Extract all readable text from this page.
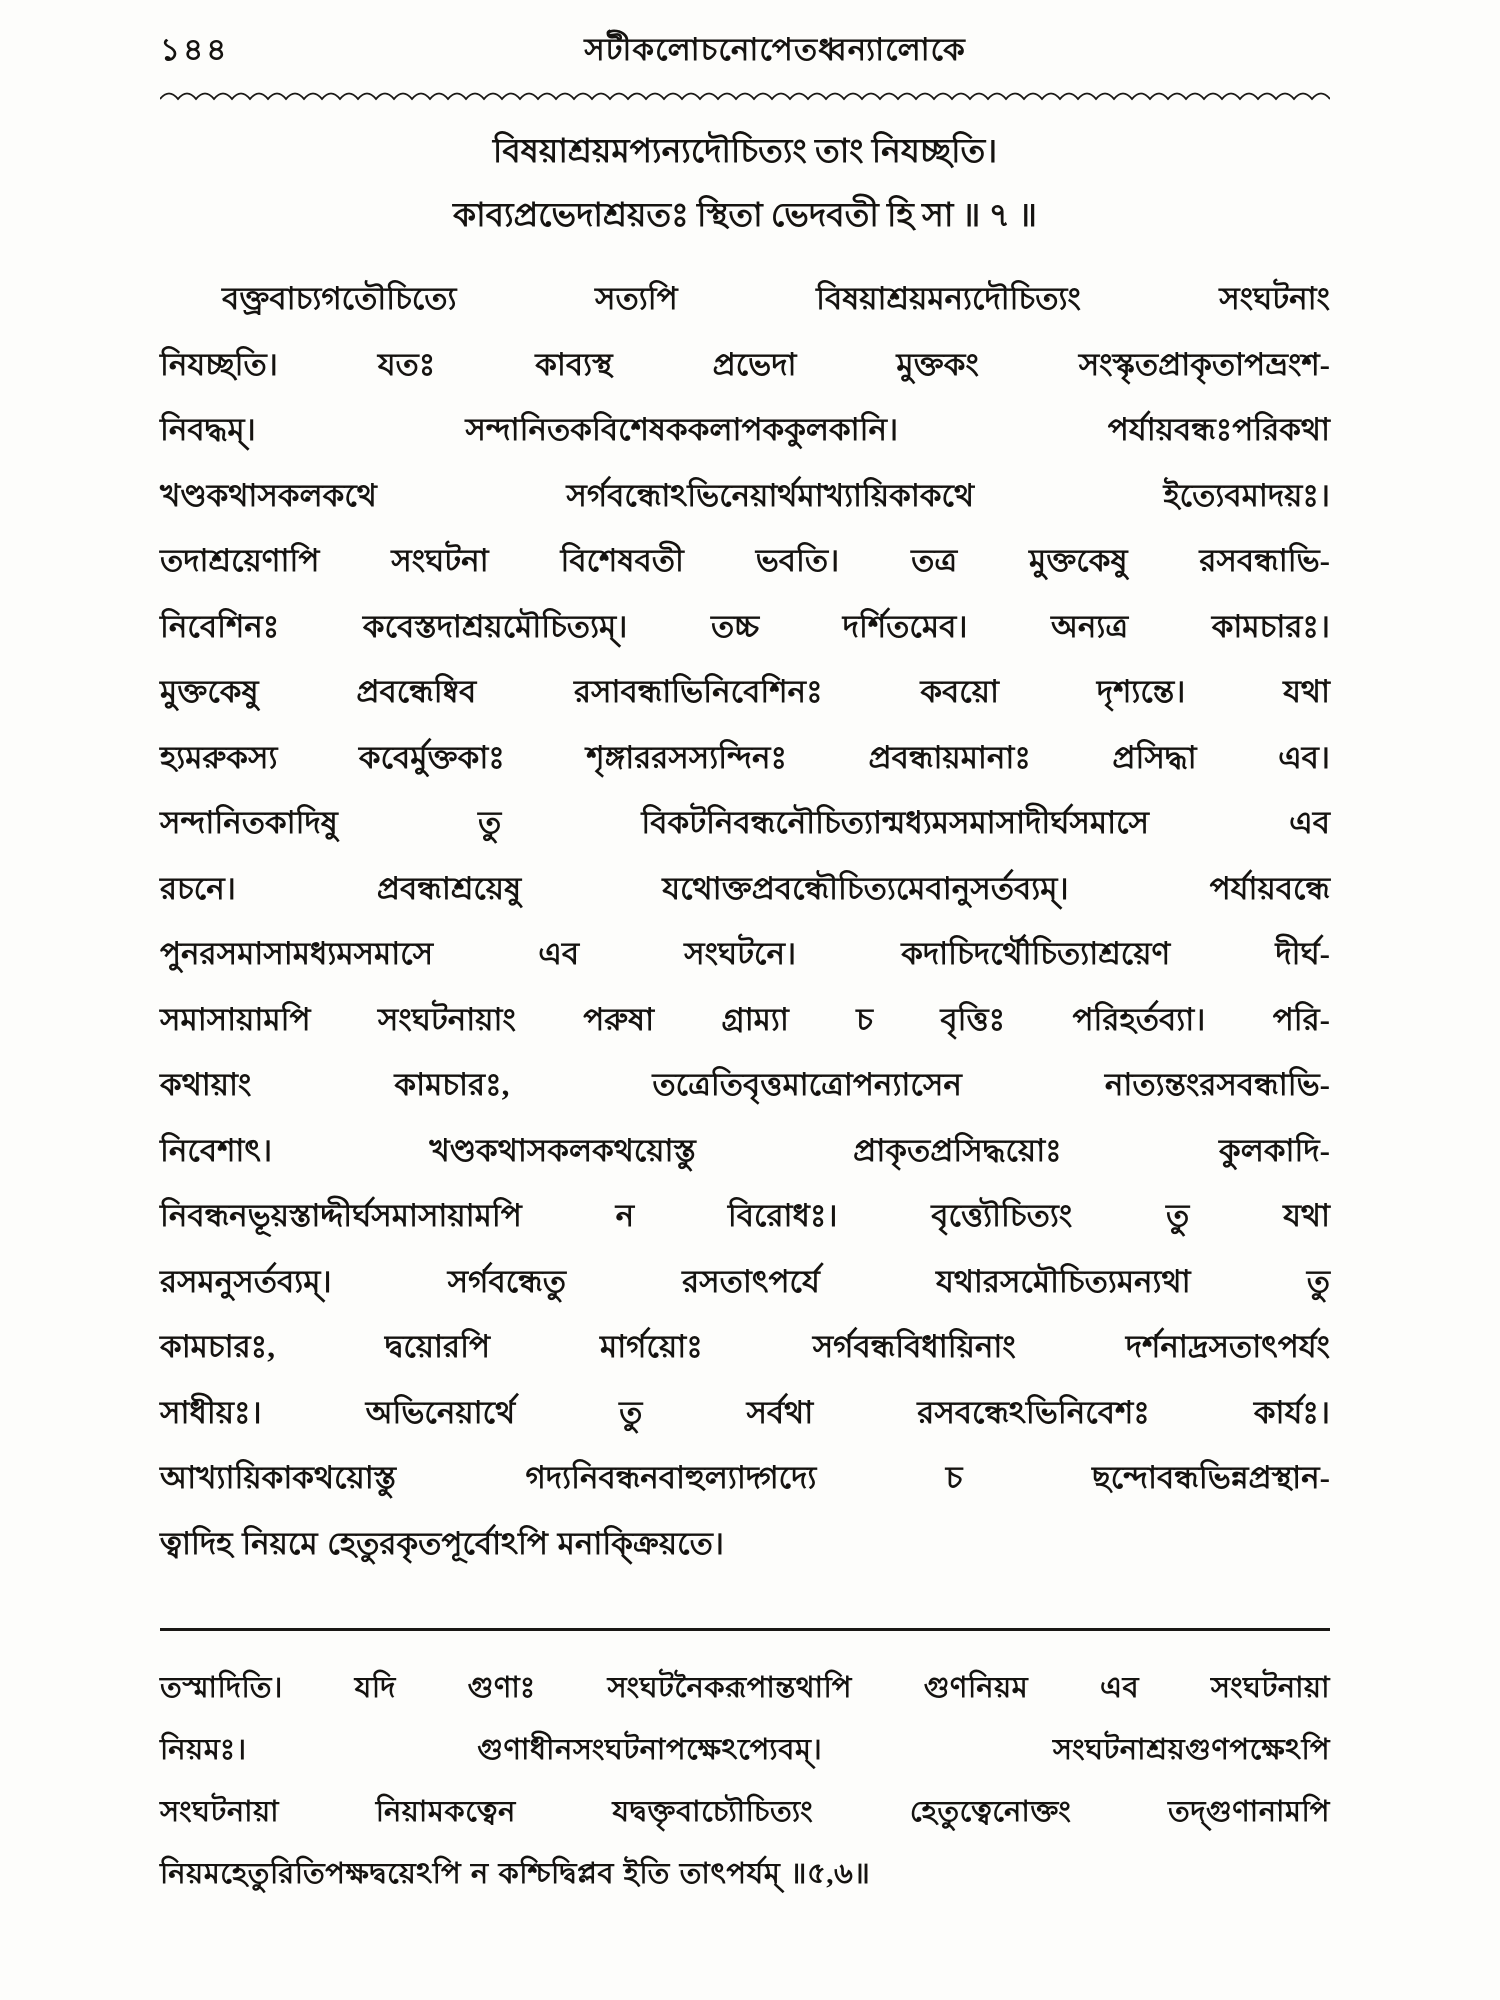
১৪৪	সটীকলোচনোপেতধ্বন্যালোকে
বিষয়াশ্রয়মপ্যন্যদৌচিত্যং তাং নিযচ্ছতি।
কাব্যপ্রভেদাশ্রয়তঃ স্থিতা ভেদবতী হি সা ॥ ৭ ॥
বক্ত্রবাচ্যগতৌচিত্যে সত্যপি বিষয়াশ্রয়মন্যদৌচিত্যং সংঘটনাং
নিযচ্ছতি। যতঃ কাব্যস্থ প্রভেদা মুক্তকং সংস্কৃতপ্রাকৃতাপভ্রংশ-
নিবদ্ধম্। সন্দানিতকবিশেষককলাপককুলকানি। পর্যায়বন্ধঃপরিকথা
খণ্ডকথাসকলকথে সর্গবন্ধোঽভিনেয়ার্থমাখ্যায়িকাকথে ইত্যেবমাদয়ঃ।
তদাশ্রয়েণাপি সংঘটনা বিশেষবতী ভবতি। তত্র মুক্তকেষু রসবন্ধাভি-
নিবেশিনঃ কবেস্তদাশ্রয়মৌচিত্যম্। তচ্চ দর্শিতমেব। অন্যত্র কামচারঃ।
মুক্তকেষু প্রবন্ধেষ্বিব রসাবন্ধাভিনিবেশিনঃ কবয়ো দৃশ্যন্তে। যথা
হ্যমরুকস্য কবের্মুক্তকাঃ শৃঙ্গাররসস্যন্দিনঃ প্রবন্ধায়মানাঃ প্রসিদ্ধা এব।
সন্দানিতকাদিষু তু বিকটনিবন্ধনৌচিত্যান্মধ্যমসমাসাদীর্ঘসমাসে এব
রচনে। প্রবন্ধাশ্রয়েষু যথোক্তপ্রবন্ধৌচিত্যমেবানুসর্তব্যম্। পর্যায়বন্ধে
পুনরসমাসামধ্যমসমাসে এব সংঘটনে। কদাচিদর্থৌচিত্যাশ্রয়েণ দীর্ঘ-
সমাসায়ামপি সংঘটনায়াং পরুষা গ্রাম্যা চ বৃত্তিঃ পরিহর্তব্যা। পরি-
কথায়াং কামচারঃ, তত্রেতিবৃত্তমাত্রোপন্যাসেন নাত্যন্তংরসবন্ধাভি-
নিবেশাৎ। খণ্ডকথাসকলকথয়োস্তু প্রাকৃতপ্রসিদ্ধয়োঃ কুলকাদি-
নিবন্ধনভূয়স্তাদ্দীর্ঘসমাসায়ামপি ন বিরোধঃ। বৃত্ত্যৌচিত্যং তু যথা
রসমনুসর্তব্যম্। সর্গবন্ধেতু রসতাৎপর্যে যথারসমৌচিত্যমন্যথা তু
কামচারঃ, দ্বয়োরপি মার্গয়োঃ সর্গবন্ধবিধায়িনাং দর্শনাদ্রসতাৎপর্যং
সাধীয়ঃ। অভিনেয়ার্থে তু সর্বথা রসবন্ধেঽভিনিবেশঃ কার্যঃ।
আখ্যায়িকাকথয়োস্তু গদ্যনিবন্ধনবাহুল্যাদ্গদ্যে চ ছন্দোবন্ধভিন্নপ্রস্থান-
ত্বাদিহ নিয়মে হেতুরকৃতপূর্বোঽপি মনাক্ক্রিয়তে।
তস্মাদিতি। যদি গুণাঃ সংঘটনৈকরূপান্তথাপি গুণনিয়ম এব সংঘটনায়া
নিয়মঃ। গুণাধীনসংঘটনাপক্ষেঽপ্যেবম্। সংঘটনাশ্রয়গুণপক্ষেঽপি
সংঘটনায়া নিয়ামকত্বেন যদ্বক্তৃবাচ্যৌচিত্যং হেতুত্বেনোক্তং তদ্গুণানামপি
নিয়মহেতুরিতিপক্ষদ্বয়েঽপি ন কশ্চিদ্বিপ্লব ইতি তাৎপর্যম্ ॥৫,৬॥
